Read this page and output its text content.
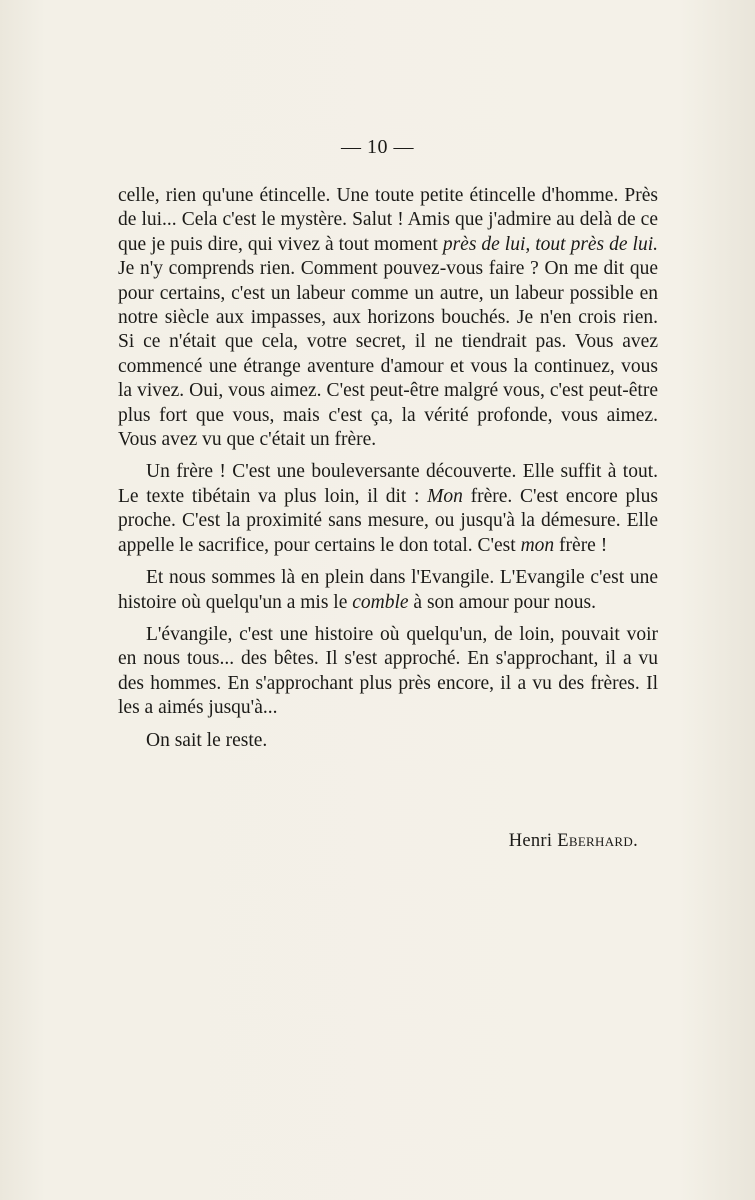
— 10 —

celle, rien qu'une étincelle. Une toute petite étincelle d'homme. Près de lui... Cela c'est le mystère. Salut ! Amis que j'admire au delà de ce que je puis dire, qui vivez à tout moment près de lui, tout près de lui. Je n'y comprends rien. Comment pouvez-vous faire ? On me dit que pour certains, c'est un labeur comme un autre, un labeur possible en notre siècle aux impasses, aux horizons bouchés. Je n'en crois rien. Si ce n'était que cela, votre secret, il ne tiendrait pas. Vous avez commencé une étrange aventure d'amour et vous la continuez, vous la vivez. Oui, vous aimez. C'est peut-être malgré vous, c'est peut-être plus fort que vous, mais c'est ça, la vérité profonde, vous aimez. Vous avez vu que c'était un frère.

Un frère ! C'est une bouleversante découverte. Elle suffit à tout. Le texte tibétain va plus loin, il dit : Mon frère. C'est encore plus proche. C'est la proximité sans mesure, ou jusqu'à la démesure. Elle appelle le sacrifice, pour certains le don total. C'est mon frère !

Et nous sommes là en plein dans l'Evangile. L'Evangile c'est une histoire où quelqu'un a mis le comble à son amour pour nous.

L'évangile, c'est une histoire où quelqu'un, de loin, pouvait voir en nous tous... des bêtes. Il s'est approché. En s'approchant, il a vu des hommes. En s'approchant plus près encore, il a vu des frères. Il les a aimés jusqu'à...

On sait le reste.

Henri Eberhard.
